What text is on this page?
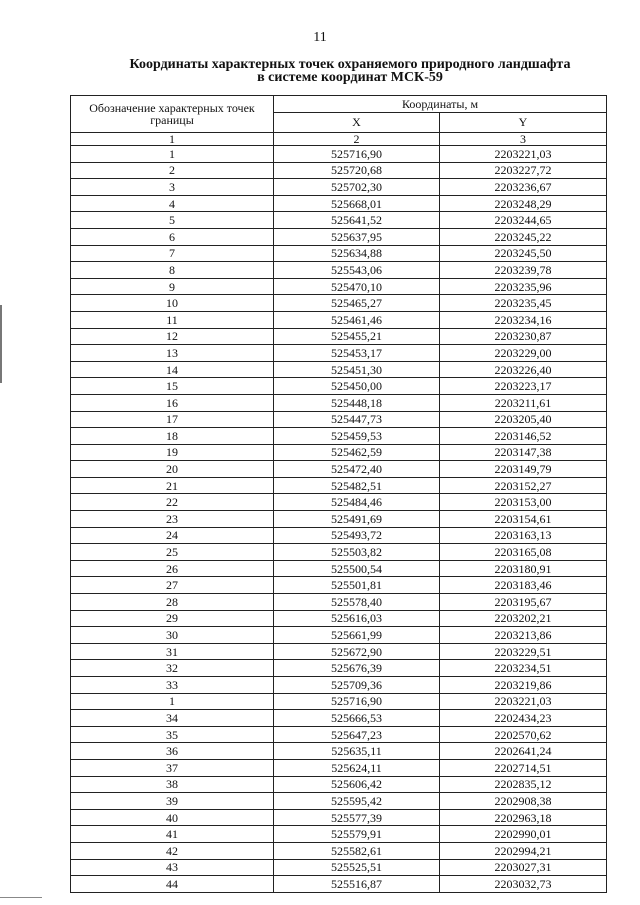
11
Координаты характерных точек охраняемого природного ландшафта
в системе координат МСК-59
Обозначение характерных точек границы	Координаты, м	
	X	Y
1	2	3
1	525716,90	2203221,03
2	525720,68	2203227,72
3	525702,30	2203236,67
4	525668,01	2203248,29
5	525641,52	2203244,65
6	525637,95	2203245,22
7	525634,88	2203245,50
8	525543,06	2203239,78
9	525470,10	2203235,96
10	525465,27	2203235,45
11	525461,46	2203234,16
12	525455,21	2203230,87
13	525453,17	2203229,00
14	525451,30	2203226,40
15	525450,00	2203223,17
16	525448,18	2203211,61
17	525447,73	2203205,40
18	525459,53	2203146,52
19	525462,59	2203147,38
20	525472,40	2203149,79
21	525482,51	2203152,27
22	525484,46	2203153,00
23	525491,69	2203154,61
24	525493,72	2203163,13
25	525503,82	2203165,08
26	525500,54	2203180,91
27	525501,81	2203183,46
28	525578,40	2203195,67
29	525616,03	2203202,21
30	525661,99	2203213,86
31	525672,90	2203229,51
32	525676,39	2203234,51
33	525709,36	2203219,86
1	525716,90	2203221,03
34	525666,53	2202434,23
35	525647,23	2202570,62
36	525635,11	2202641,24
37	525624,11	2202714,51
38	525606,42	2202835,12
39	525595,42	2202908,38
40	525577,39	2202963,18
41	525579,91	2202990,01
42	525582,61	2202994,21
43	525525,51	2203027,31
44	525516,87	2203032,73
